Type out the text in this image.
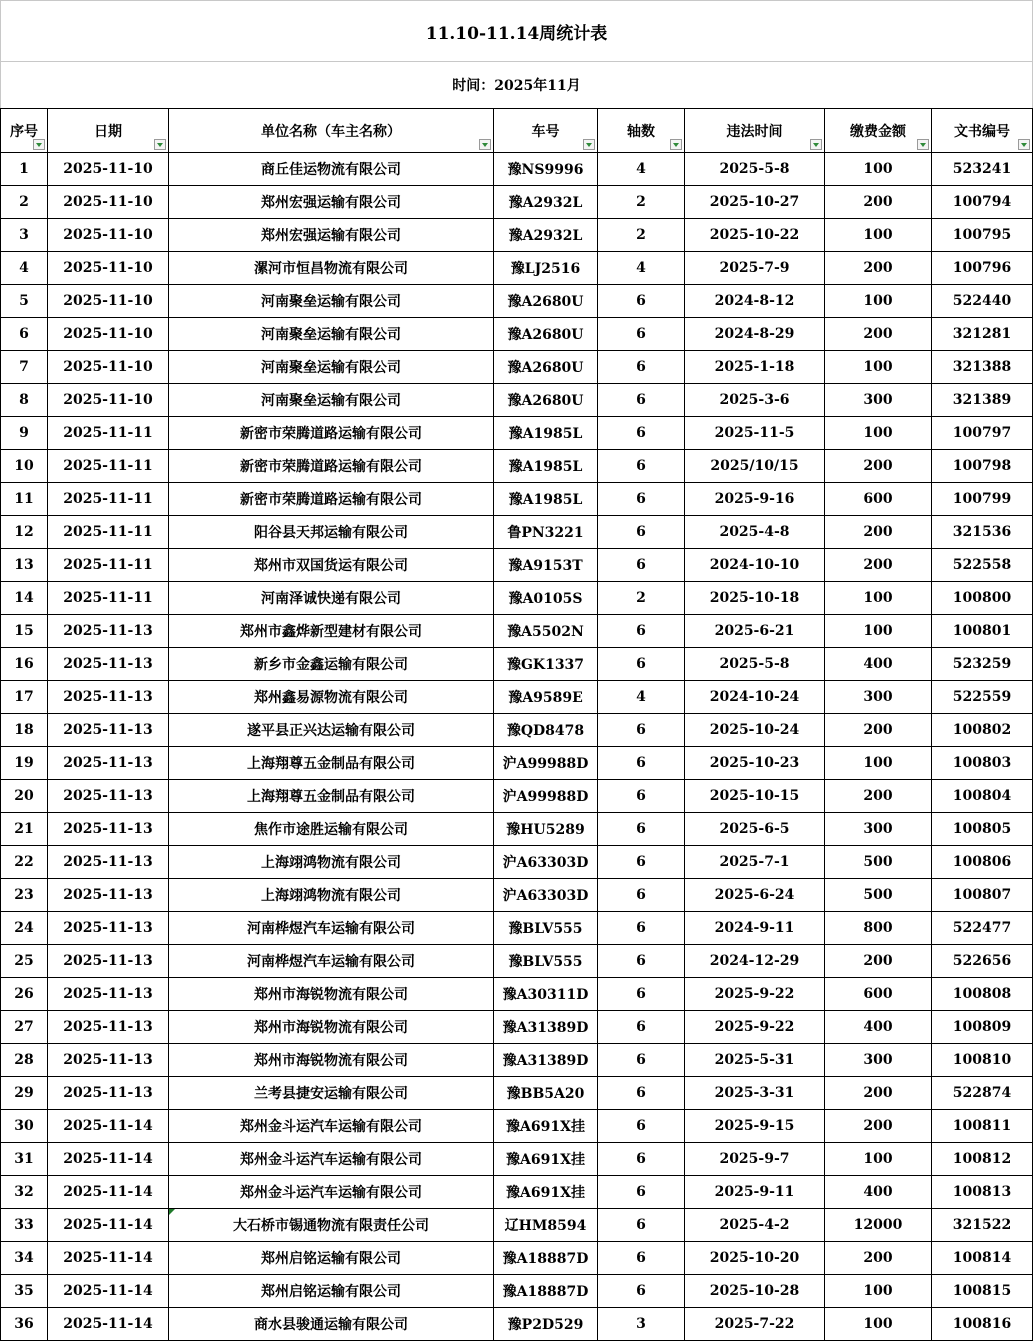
11.10-11.14周统计表
时间：2025年11月
序号	日期	单位名称（车主名称）	车号	轴数	违法时间	缴费金额	文书编号

1	2025-11-10	商丘佳运物流有限公司	豫NS9996	4	2025-5-8	100	523241
2	2025-11-10	郑州宏强运输有限公司	豫A2932L	2	2025-10-27	200	100794
3	2025-11-10	郑州宏强运输有限公司	豫A2932L	2	2025-10-22	100	100795
4	2025-11-10	漯河市恒昌物流有限公司	豫LJ2516	4	2025-7-9	200	100796
5	2025-11-10	河南聚垒运输有限公司	豫A2680U	6	2024-8-12	100	522440
6	2025-11-10	河南聚垒运输有限公司	豫A2680U	6	2024-8-29	200	321281
7	2025-11-10	河南聚垒运输有限公司	豫A2680U	6	2025-1-18	100	321388
8	2025-11-10	河南聚垒运输有限公司	豫A2680U	6	2025-3-6	300	321389
9	2025-11-11	新密市荣腾道路运输有限公司	豫A1985L	6	2025-11-5	100	100797
10	2025-11-11	新密市荣腾道路运输有限公司	豫A1985L	6	2025/10/15	200	100798
11	2025-11-11	新密市荣腾道路运输有限公司	豫A1985L	6	2025-9-16	600	100799
12	2025-11-11	阳谷县天邦运输有限公司	鲁PN3221	6	2025-4-8	200	321536
13	2025-11-11	郑州市双国货运有限公司	豫A9153T	6	2024-10-10	200	522558
14	2025-11-11	河南泽诚快递有限公司	豫A0105S	2	2025-10-18	100	100800
15	2025-11-13	郑州市鑫烨新型建材有限公司	豫A5502N	6	2025-6-21	100	100801
16	2025-11-13	新乡市金鑫运输有限公司	豫GK1337	6	2025-5-8	400	523259
17	2025-11-13	郑州鑫易源物流有限公司	豫A9589E	4	2024-10-24	300	522559
18	2025-11-13	遂平县正兴达运输有限公司	豫QD8478	6	2025-10-24	200	100802
19	2025-11-13	上海翔尊五金制品有限公司	沪A99988D	6	2025-10-23	100	100803
20	2025-11-13	上海翔尊五金制品有限公司	沪A99988D	6	2025-10-15	200	100804
21	2025-11-13	焦作市途胜运输有限公司	豫HU5289	6	2025-6-5	300	100805
22	2025-11-13	上海翊鸿物流有限公司	沪A63303D	6	2025-7-1	500	100806
23	2025-11-13	上海翊鸿物流有限公司	沪A63303D	6	2025-6-24	500	100807
24	2025-11-13	河南桦煜汽车运输有限公司	豫BLV555	6	2024-9-11	800	522477
25	2025-11-13	河南桦煜汽车运输有限公司	豫BLV555	6	2024-12-29	200	522656
26	2025-11-13	郑州市海锐物流有限公司	豫A30311D	6	2025-9-22	600	100808
27	2025-11-13	郑州市海锐物流有限公司	豫A31389D	6	2025-9-22	400	100809
28	2025-11-13	郑州市海锐物流有限公司	豫A31389D	6	2025-5-31	300	100810
29	2025-11-13	兰考县捷安运输有限公司	豫BB5A20	6	2025-3-31	200	522874
30	2025-11-14	郑州金斗运汽车运输有限公司	豫A691X挂	6	2025-9-15	200	100811
31	2025-11-14	郑州金斗运汽车运输有限公司	豫A691X挂	6	2025-9-7	100	100812
32	2025-11-14	郑州金斗运汽车运输有限公司	豫A691X挂	6	2025-9-11	400	100813
33	2025-11-14	大石桥市锡通物流有限责任公司	辽HM8594	6	2025-4-2	12000	321522
34	2025-11-14	郑州启铭运输有限公司	豫A18887D	6	2025-10-20	200	100814
35	2025-11-14	郑州启铭运输有限公司	豫A18887D	6	2025-10-28	100	100815
36	2025-11-14	商水县骏通运输有限公司	豫P2D529	3	2025-7-22	100	100816
